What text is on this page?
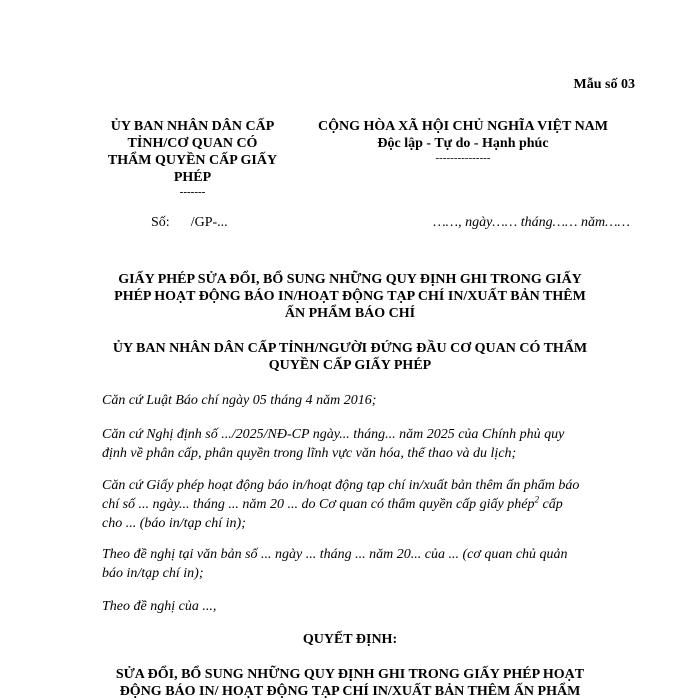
Mẫu số 03
ỦY BAN NHÂN DÂN CẤP
TỈNH/CƠ QUAN CÓ
THẨM QUYỀN CẤP GIẤY
PHÉP
-------
Số: /GP-...
CỘNG HÒA XÃ HỘI CHỦ NGHĨA VIỆT NAM
Độc lập - Tự do - Hạnh phúc
---------------
……, ngày…… tháng…… năm……
GIẤY PHÉP SỬA ĐỔI, BỔ SUNG NHỮNG QUY ĐỊNH GHI TRONG GIẤY
PHÉP HOẠT ĐỘNG BÁO IN/HOẠT ĐỘNG TẠP CHÍ IN/XUẤT BẢN THÊM
ẤN PHẨM BÁO CHÍ
ỦY BAN NHÂN DÂN CẤP TỈNH/NGƯỜI ĐỨNG ĐẦU CƠ QUAN CÓ THẨM
QUYỀN CẤP GIẤY PHÉP
Căn cứ Luật Báo chí ngày 05 tháng 4 năm 2016;
Căn cứ Nghị định số .../2025/NĐ-CP ngày... tháng... năm 2025 của Chính phủ quy
định về phân cấp, phân quyền trong lĩnh vực văn hóa, thể thao và du lịch;
Căn cứ Giấy phép hoạt động báo in/hoạt động tạp chí in/xuất bản thêm ấn phẩm báo
chí số ... ngày... tháng ... năm 20 ... do Cơ quan có thẩm quyền cấp giấy phép$^2$ cấp
cho ... (báo in/tạp chí in);
Theo đề nghị tại văn bản số ... ngày ... tháng ... năm 20... của ... (cơ quan chủ quản
báo in/tạp chí in);
Theo đề nghị của ...,
QUYẾT ĐỊNH:
SỬA ĐỔI, BỔ SUNG NHỮNG QUY ĐỊNH GHI TRONG GIẤY PHÉP HOẠT
ĐỘNG BÁO IN/ HOẠT ĐỘNG TẠP CHÍ IN/XUẤT BẢN THÊM ẤN PHẨM
